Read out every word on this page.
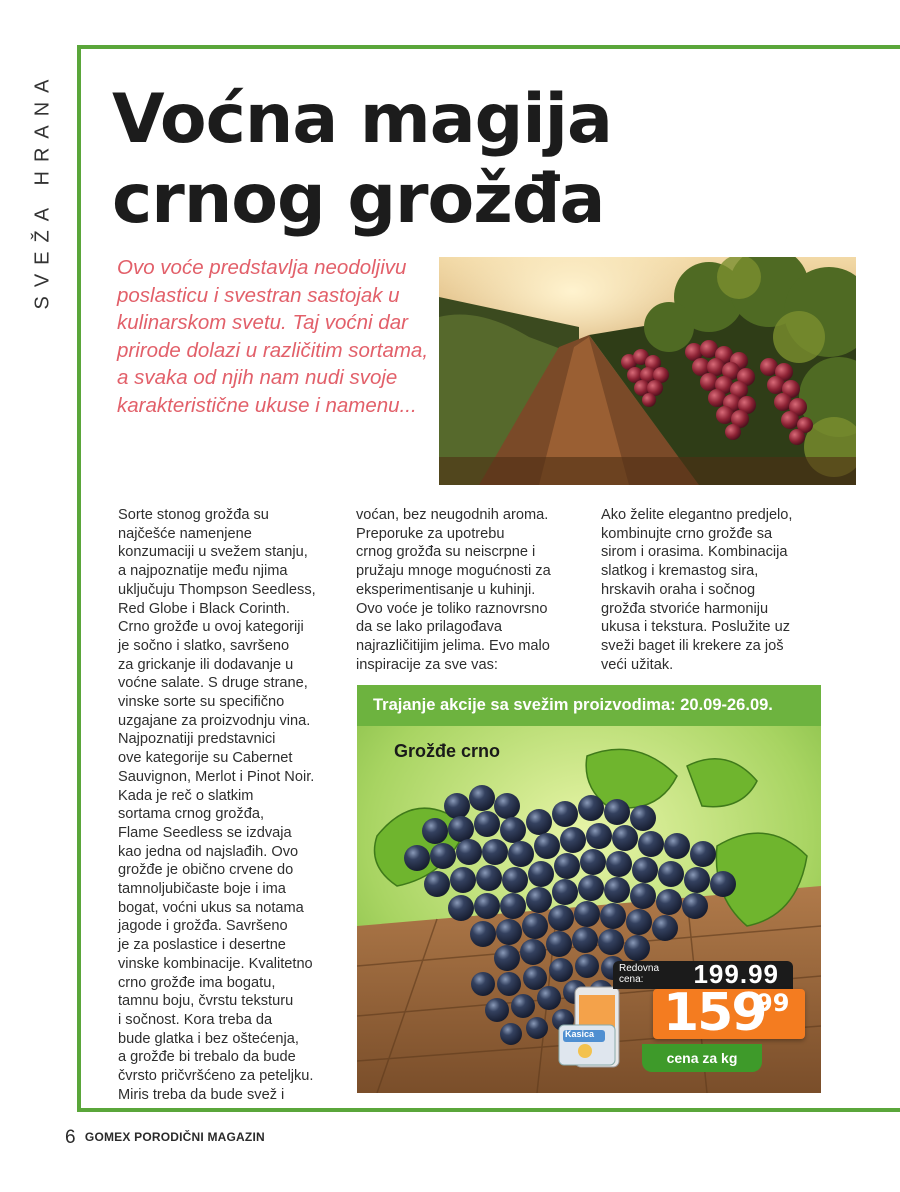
SVEŽA HRANA Voćna magija
crnog grožđa
Ovo voće predstavlja neodoljivu poslasticu i svestran sastojak u kulinarskom svetu. Taj voćni dar prirode dolazi u različitim sortama, a svaka od njih nam nudi svoje karakteristične ukuse i namenu...
Sorte stonog grožđa su
najčešće namenjene
konzumaciji u svežem stanju,
a najpoznatije među njima
uključuju Thompson Seedless,
Red Globe i Black Corinth.
Crno grožđe u ovoj kategoriji
je sočno i slatko, savršeno
za grickanje ili dodavanje u
voćne salate. S druge strane,
vinske sorte su specifično
uzgajane za proizvodnju vina.
Najpoznatiji predstavnici
ove kategorije su Cabernet
Sauvignon, Merlot i Pinot Noir.
Kada je reč o slatkim
sortama crnog grožđa,
Flame Seedless se izdvaja
kao jedna od najslađih. Ovo
grožđe je obično crvene do
tamnoljubičaste boje i ima
bogat, voćni ukus sa notama
jagode i grožđa. Savršeno
je za poslastice i desertne
vinske kombinacije. Kvalitetno
crno grožđe ima bogatu,
tamnu boju, čvrstu teksturu
i sočnost. Kora treba da
bude glatka i bez oštećenja,
a grožđe bi trebalo da bude
čvrsto pričvršćeno za peteljku.
Miris treba da bude svež i
voćan, bez neugodnih aroma.
Preporuke za upotrebu
crnog grožđa su neiscrpne i
pružaju mnoge mogućnosti za
eksperimentisanje u kuhinji.
Ovo voće je toliko raznovrsno
da se lako prilagođava
najrazličitijim jelima. Evo malo
inspiracije za sve vas:
Ako želite elegantno predjelo,
kombinujte crno grožđe sa
sirom i orasima. Kombinacija
slatkog i kremastog sira,
hrskavih oraha i sočnog
grožđa stvoriće harmoniju
ukusa i tekstura. Poslužite uz
sveži baget ili krekere za još
veći užitak.
Trajanje akcije sa svežim proizvodima: 20.09-26.09.
Grožđe crno
Kasica
Redovna cena:	199.99
159
99
cena za kg
6 GOMEX PORODIČNI MAGAZIN
